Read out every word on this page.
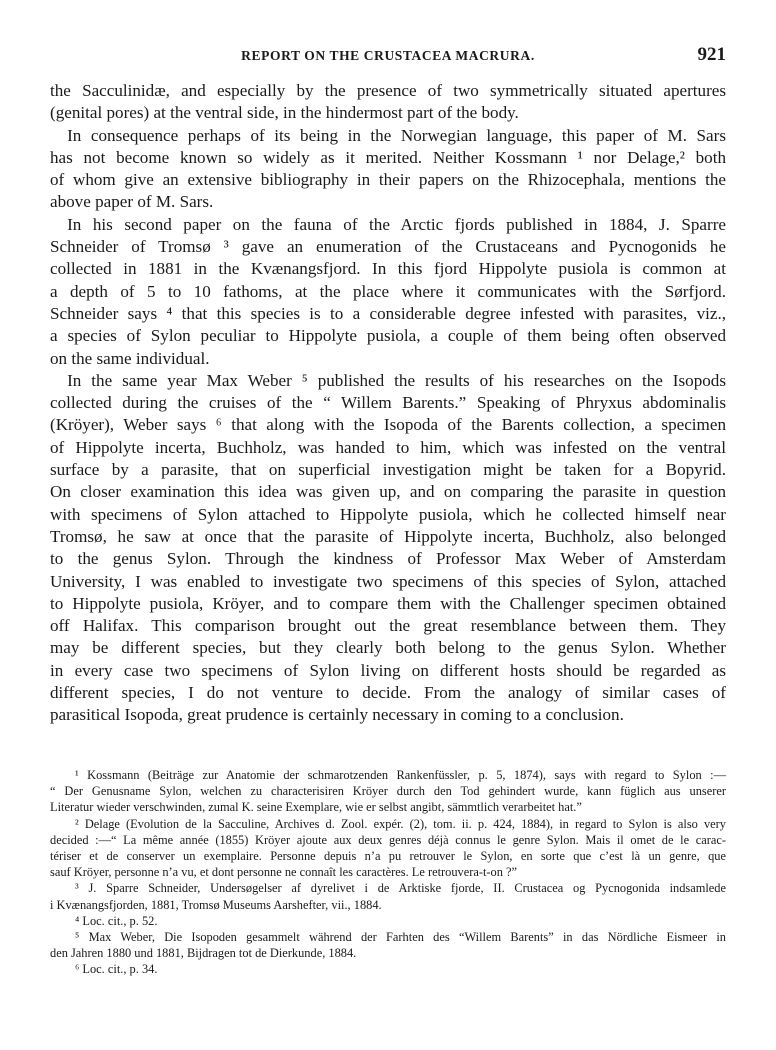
REPORT ON THE CRUSTACEA MACRURA.	921

the Sacculinidæ, and especially by the presence of two symmetrically situated apertures
(genital pores) at the ventral side, in the hindermost part of the body.
 In consequence perhaps of its being in the Norwegian language, this paper of M. Sars
has not become known so widely as it merited. Neither Kossmann ¹ nor Delage,² both
of whom give an extensive bibliography in their papers on the Rhizocephala, mentions the
above paper of M. Sars.
 In his second paper on the fauna of the Arctic fjords published in 1884, J. Sparre
Schneider of Tromsø ³ gave an enumeration of the Crustaceans and Pycnogonids he
collected in 1881 in the Kvænangsfjord. In this fjord Hippolyte pusiola is common at
a depth of 5 to 10 fathoms, at the place where it communicates with the Sørfjord.
Schneider says ⁴ that this species is to a considerable degree infested with parasites, viz.,
a species of Sylon peculiar to Hippolyte pusiola, a couple of them being often observed
on the same individual.
 In the same year Max Weber ⁵ published the results of his researches on the Isopods
collected during the cruises of the “ Willem Barents.” Speaking of Phryxus abdominalis
(Kröyer), Weber says ⁶ that along with the Isopoda of the Barents collection, a specimen
of Hippolyte incerta, Buchholz, was handed to him, which was infested on the ventral
surface by a parasite, that on superficial investigation might be taken for a Bopyrid.
On closer examination this idea was given up, and on comparing the parasite in question
with specimens of Sylon attached to Hippolyte pusiola, which he collected himself near
Tromsø, he saw at once that the parasite of Hippolyte incerta, Buchholz, also belonged
to the genus Sylon. Through the kindness of Professor Max Weber of Amsterdam
University, I was enabled to investigate two specimens of this species of Sylon, attached
to Hippolyte pusiola, Kröyer, and to compare them with the Challenger specimen obtained
off Halifax. This comparison brought out the great resemblance between them. They
may be different species, but they clearly both belong to the genus Sylon. Whether
in every case two specimens of Sylon living on different hosts should be regarded as
different species, I do not venture to decide. From the analogy of similar cases of
parasitical Isopoda, great prudence is certainly necessary in coming to a conclusion.

¹ Kossmann (Beiträge zur Anatomie der schmarotzenden Rankenfüssler, p. 5, 1874), says with regard to Sylon :—
“ Der Genusname Sylon, welchen zu characterisiren Kröyer durch den Tod gehindert wurde, kann füglich aus unserer
Literatur wieder verschwinden, zumal K. seine Exemplare, wie er selbst angibt, sämmtlich verarbeitet hat.”
² Delage (Evolution de la Sacculine, Archives d. Zool. expér. (2), tom. ii. p. 424, 1884), in regard to Sylon is also very
decided :—“ La même année (1855) Kröyer ajoute aux deux genres déjà connus le genre Sylon. Mais il omet de le carac-
tériser et de conserver un exemplaire. Personne depuis n’a pu retrouver le Sylon, en sorte que c’est là un genre, que
sauf Kröyer, personne n’a vu, et dont personne ne connaît les caractères. Le retrouvera-t-on ?”
³ J. Sparre Schneider, Undersøgelser af dyrelivet i de Arktiske fjorde, II. Crustacea og Pycnogonida indsamlede
i Kvænangsfjorden, 1881, Tromsø Museums Aarshefter, vii., 1884.
⁴ Loc. cit., p. 52.
⁵ Max Weber, Die Isopoden gesammelt während der Farhten des “Willem Barents” in das Nördliche Eismeer in
den Jahren 1880 und 1881, Bijdragen tot de Dierkunde, 1884.
⁶ Loc. cit., p. 34.
